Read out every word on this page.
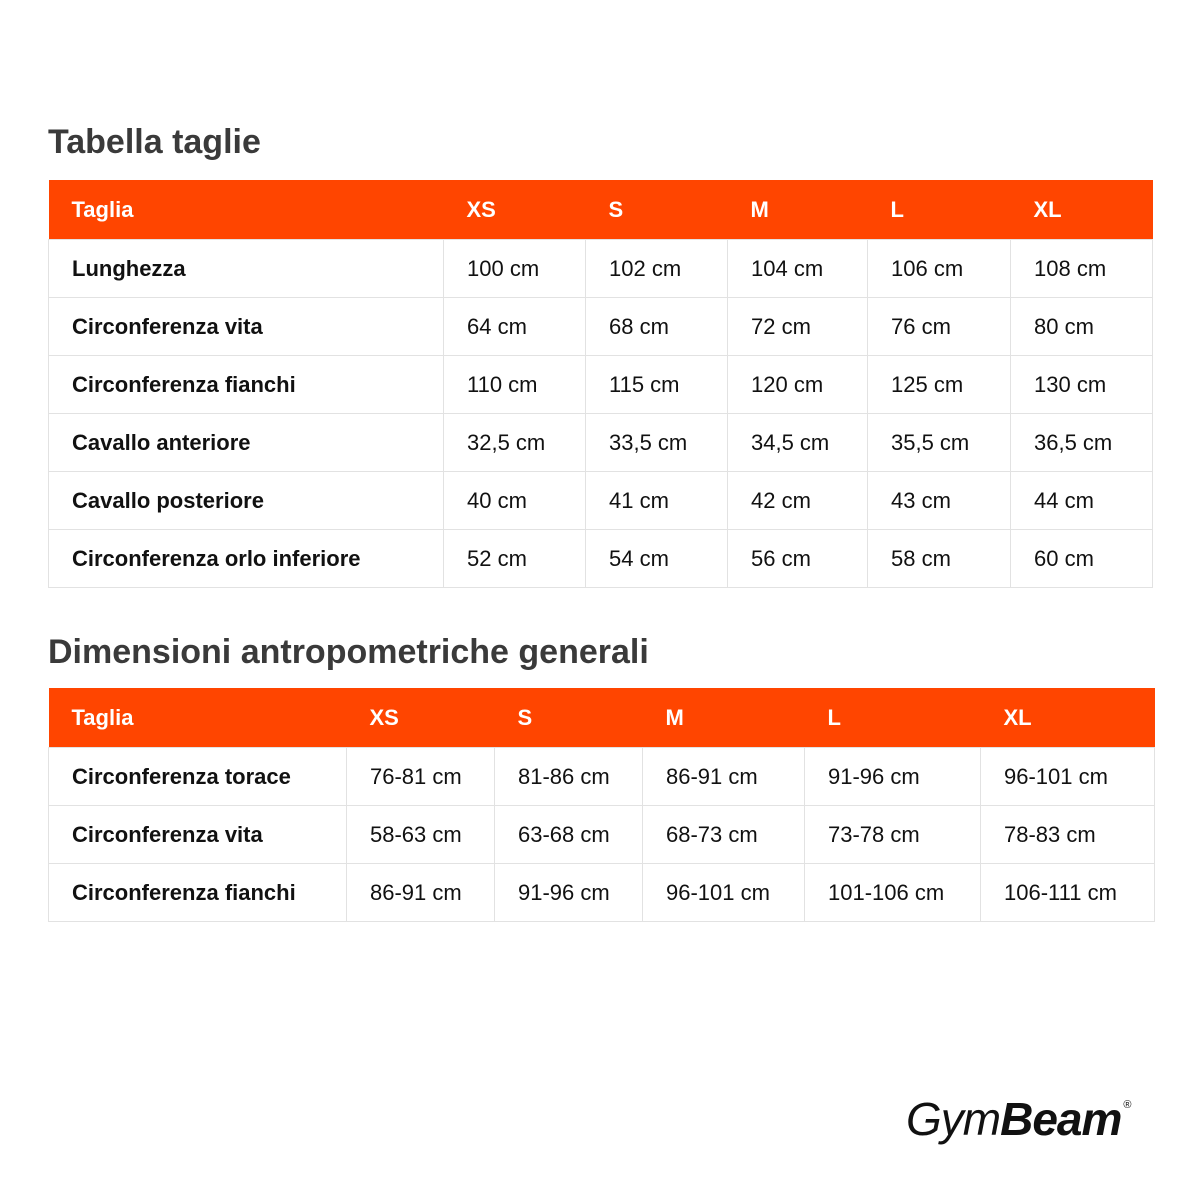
Tabella taglie
Taglia	XS	S	M	L	XL
Lunghezza	100 cm	102 cm	104 cm	106 cm	108 cm
Circonferenza vita	64 cm	68 cm	72 cm	76 cm	80 cm
Circonferenza fianchi	110 cm	115 cm	120 cm	125 cm	130 cm
Cavallo anteriore	32,5 cm	33,5 cm	34,5 cm	35,5 cm	36,5 cm
Cavallo posteriore	40 cm	41 cm	42 cm	43 cm	44 cm
Circonferenza orlo inferiore	52 cm	54 cm	56 cm	58 cm	60 cm
Dimensioni antropometriche generali
Taglia	XS	S	M	L	XL
Circonferenza torace	76-81 cm	81-86 cm	86-91 cm	91-96 cm	96-101 cm
Circonferenza vita	58-63 cm	63-68 cm	68-73 cm	73-78 cm	78-83 cm
Circonferenza fianchi	86-91 cm	91-96 cm	96-101 cm	101-106 cm	106-111 cm
GymBeam ®
